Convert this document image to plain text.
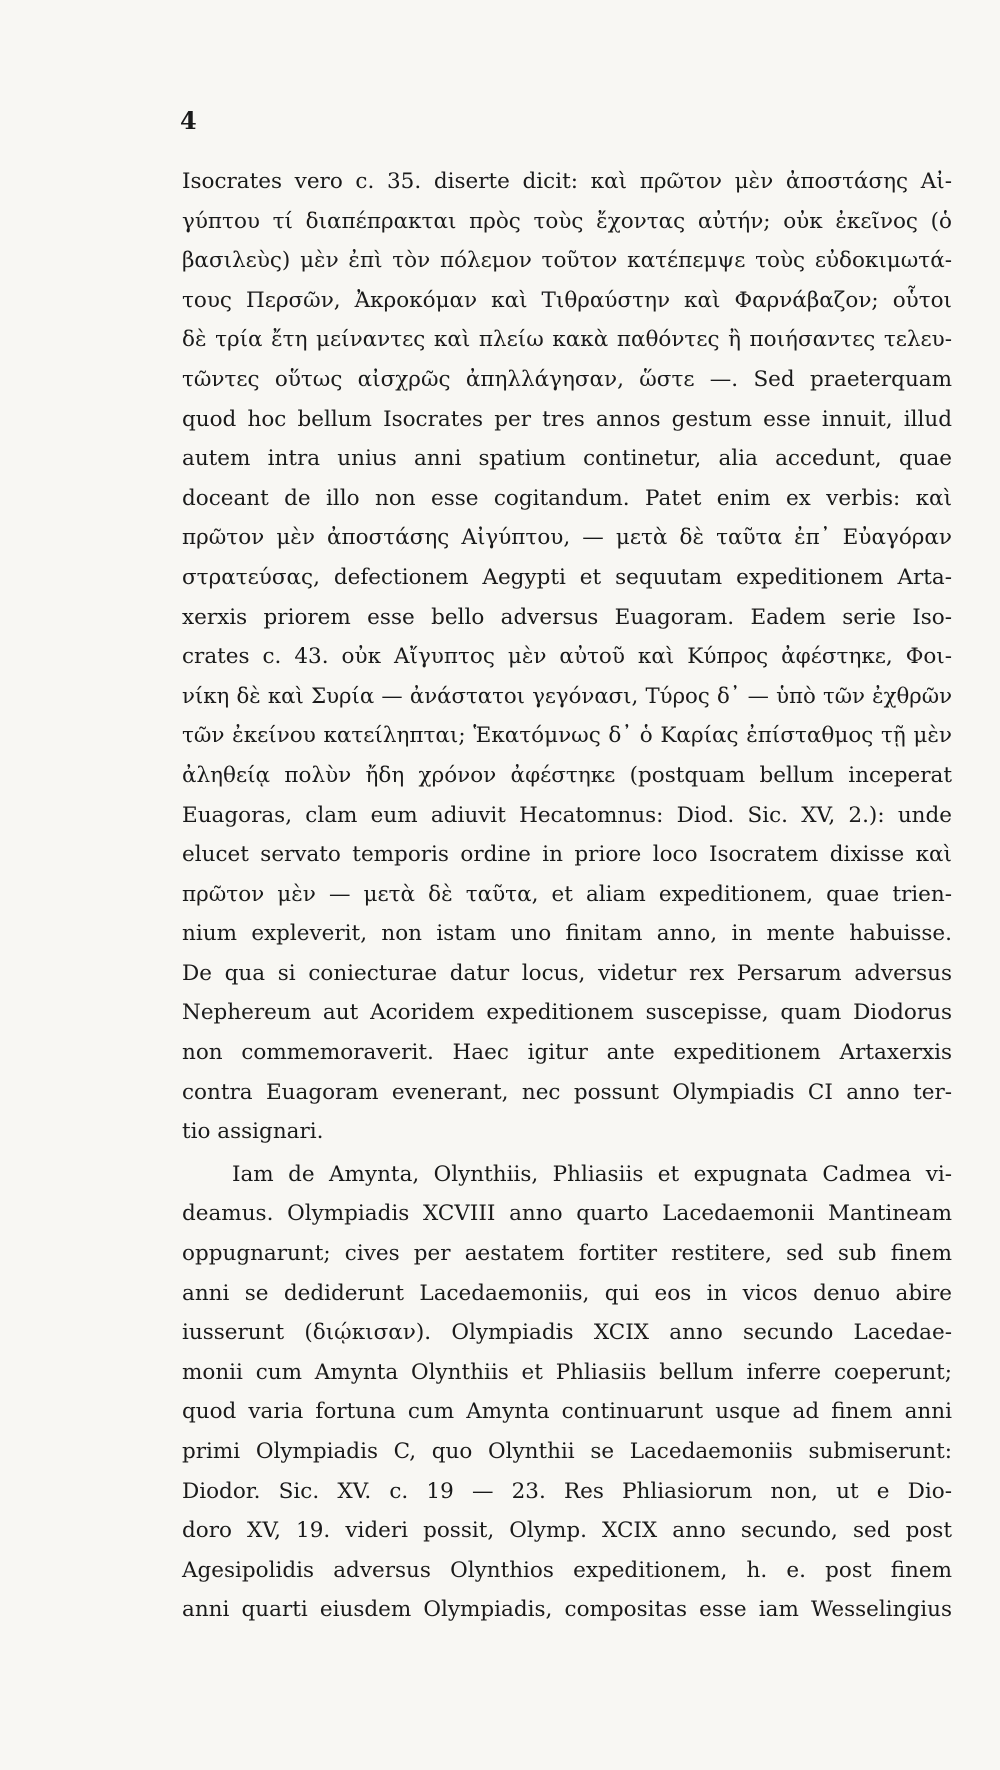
4
Isocrates vero c. 35. diserte dicit: καὶ πρῶτον μὲν ἀποστάσης Αἰ-
γύπτου τί διαπέπρακται πρὸς τοὺς ἔχοντας αὐτήν; οὐκ ἐκεῖνος (ὁ
βασιλεὺς) μὲν ἐπὶ τὸν πόλεμον τοῦτον κατέπεμψε τοὺς εὐδοκιμωτά-
τους Περσῶν, Ἀκροκόμαν καὶ Τιθραύστην καὶ Φαρνάβαζον; οὗτοι
δὲ τρία ἔτη μείναντες καὶ πλείω κακὰ παθόντες ἢ ποιήσαντες τελευ-
τῶντες οὕτως αἰσχρῶς ἀπηλλάγησαν, ὥστε —. Sed praeterquam
quod hoc bellum Isocrates per tres annos gestum esse innuit, illud
autem intra unius anni spatium continetur, alia accedunt, quae
doceant de illo non esse cogitandum. Patet enim ex verbis: καὶ
πρῶτον μὲν ἀποστάσης Αἰγύπτου, — μετὰ δὲ ταῦτα ἐπ᾽ Εὐαγόραν
στρατεύσας, defectionem Aegypti et sequutam expeditionem Arta-
xerxis priorem esse bello adversus Euagoram. Eadem serie Iso-
crates c. 43. οὐκ Αἴγυπτος μὲν αὐτοῦ καὶ Κύπρος ἀφέστηκε, Φοι-
νίκη δὲ καὶ Συρία — ἀνάστατοι γεγόνασι, Τύρος δ᾽ — ὑπὸ τῶν ἐχθρῶν
τῶν ἐκείνου κατείληπται; Ἑκατόμνως δ᾽ ὁ Καρίας ἐπίσταθμος τῇ μὲν
ἀληθείᾳ πολὺν ἤδη χρόνον ἀφέστηκε (postquam bellum inceperat
Euagoras, clam eum adiuvit Hecatomnus: Diod. Sic. XV, 2.): unde
elucet servato temporis ordine in priore loco Isocratem dixisse καὶ
πρῶτον μὲν — μετὰ δὲ ταῦτα, et aliam expeditionem, quae trien-
nium expleverit, non istam uno finitam anno, in mente habuisse.
De qua si coniecturae datur locus, videtur rex Persarum adversus
Nephereum aut Acoridem expeditionem suscepisse, quam Diodorus
non commemoraverit. Haec igitur ante expeditionem Artaxerxis
contra Euagoram evenerant, nec possunt Olympiadis CI anno ter-
tio assignari.
Iam de Amynta, Olynthiis, Phliasiis et expugnata Cadmea vi-
deamus. Olympiadis XCVIII anno quarto Lacedaemonii Mantineam
oppugnarunt; cives per aestatem fortiter restitere, sed sub finem
anni se dediderunt Lacedaemoniis, qui eos in vicos denuo abire
iusserunt (διῴκισαν). Olympiadis XCIX anno secundo Lacedae-
monii cum Amynta Olynthiis et Phliasiis bellum inferre coeperunt;
quod varia fortuna cum Amynta continuarunt usque ad finem anni
primi Olympiadis C, quo Olynthii se Lacedaemoniis submiserunt:
Diodor. Sic. XV. c. 19 — 23. Res Phliasiorum non, ut e Dio-
doro XV, 19. videri possit, Olymp. XCIX anno secundo, sed post
Agesipolidis adversus Olynthios expeditionem, h. e. post finem
anni quarti eiusdem Olympiadis, compositas esse iam Wesselingius
